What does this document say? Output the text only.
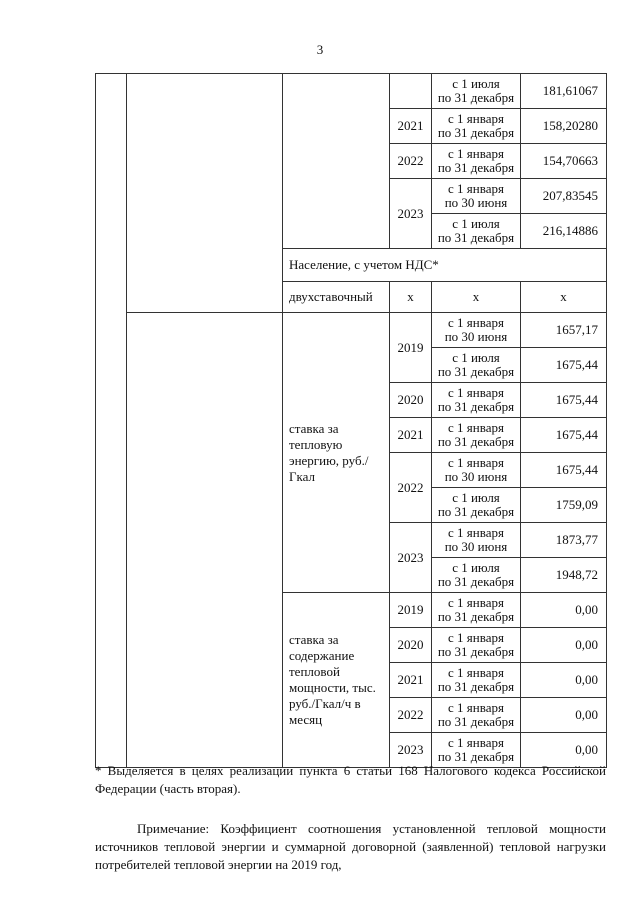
3
				с 1 июля
по 31 декабря	181,61067
			2021	с 1 января
по 31 декабря	158,20280
			2022	с 1 января
по 31 декабря	154,70663
			2023	с 1 января
по 30 июня	207,83545
				с 1 июля
по 31 декабря	216,14886
		Население, с учетом НДС*			
		двухставочный	x	x	x
		ставка за тепловую энергию, руб./Гкал	2019	с 1 января
по 30 июня	1657,17
				с 1 июля
по 31 декабря	1675,44
			2020	с 1 января
по 31 декабря	1675,44
			2021	с 1 января
по 31 декабря	1675,44
			2022	с 1 января
по 30 июня	1675,44
				с 1 июля
по 31 декабря	1759,09
			2023	с 1 января
по 30 июня	1873,77
				с 1 июля
по 31 декабря	1948,72
		ставка за содержание тепловой мощности, тыс. руб./Гкал/ч в месяц	2019	с 1 января
по 31 декабря	0,00
			2020	с 1 января
по 31 декабря	0,00
			2021	с 1 января
по 31 декабря	0,00
			2022	с 1 января
по 31 декабря	0,00
			2023	с 1 января
по 31 декабря	0,00
* Выделяется в целях реализации пункта 6 статьи 168 Налогового кодекса Российской Федерации (часть вторая).
Примечание: Коэффициент соотношения установленной тепловой мощности источников тепловой энергии и суммарной договорной (заявленной) тепловой нагрузки потребителей тепловой энергии на 2019 год,
